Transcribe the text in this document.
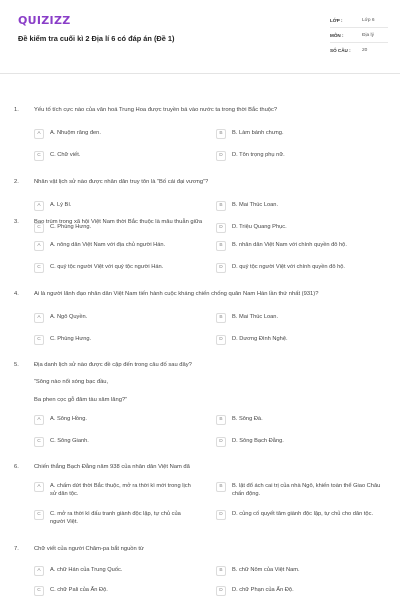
QUIZIZZ
Đề kiểm tra cuối kì 2 Địa lí 6 có đáp án (Đề 1)
LỚP :	Lớp 6
MÔN :	Địa lý
SỐ CÂU :	20
1.	Yếu tố tích cực nào của văn hoá Trung Hoa được truyền bá vào nước ta trong thời Bắc thuộc?
A	A. Nhuộm răng đen.	B	B. Làm bánh chưng.
C	C. Chữ viết.	D	D. Tôn trọng phụ nữ.
2.	Nhân vật lịch sử nào được nhân dân truy tôn là “Bố cái đại vương”?
A	A. Lý Bí.	B	B. Mai Thúc Loan.
C	C. Phùng Hưng.	D	D. Triệu Quang Phục.
3.	Bao trùm trong xã hội Việt Nam thời Bắc thuộc là mâu thuẫn giữa
A	A. nông dân Việt Nam với địa chủ người Hán.	B	B. nhân dân Việt Nam với chính quyền đô hộ.
C	C. quý tộc người Việt với quý tộc người Hán.	D	D. quý tộc người Việt với chính quyền đô hộ.
4.	Ai là người lãnh đạo nhân dân Việt Nam tiến hành cuộc kháng chiến chống quân Nam Hán lần thứ nhất (931)?
A	A. Ngô Quyền.	B	B. Mai Thúc Loan.
C	C. Phùng Hưng.	D	D. Dương Đình Nghệ.
5.	Địa danh lịch sử nào được đề cập đến trong câu đố sau đây?
“Sông nào nổi sóng bạc đầu,
Ba phen cọc gỗ đâm tàu xâm lăng?”
A	A. Sông Hồng.	B	B. Sông Đà.
C	C. Sông Gianh.	D	D. Sông Bạch Đằng.
6.	Chiến thắng Bạch Đằng năm 938 của nhân dân Việt Nam đã
A	A. chấm dứt thời Bắc thuộc, mở ra thời kì mới trong lịch sử dân tộc.
B	B. lật đổ ách cai trị của nhà Ngô, khiến toàn thể Giao Châu chấn động.
C	C. mở ra thời kì đấu tranh giành độc lập, tự chủ của người Việt.
D	D. củng cố quyết tâm giành độc lập, tự chủ cho dân tộc.
7.	Chữ viết của người Chăm-pa bắt nguồn từ
A	A. chữ Hán của Trung Quốc.	B	B. chữ Nôm của Việt Nam.
C	C. chữ Pali của Ấn Độ.	D	D. chữ Phạn của Ấn Độ.
